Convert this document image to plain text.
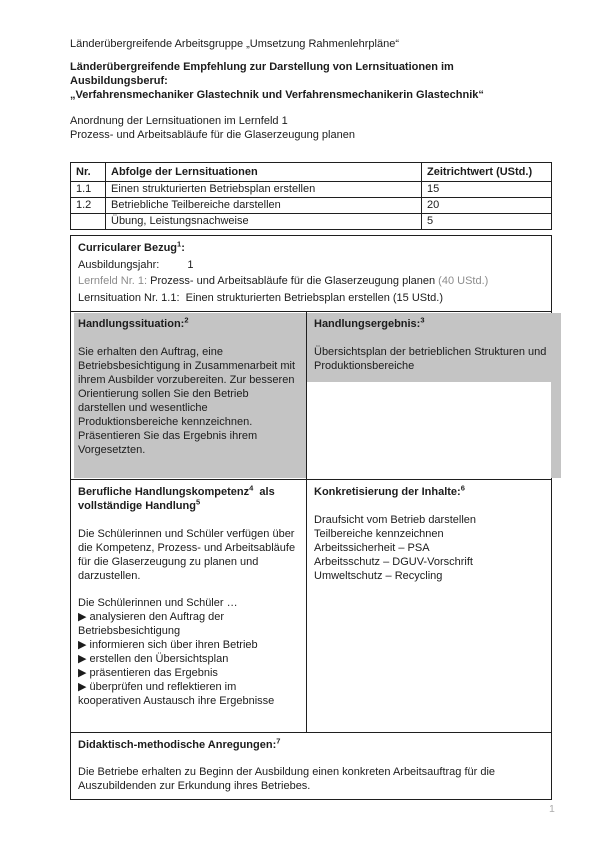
Länderübergreifende Arbeitsgruppe „Umsetzung Rahmenlehrpläne“
Länderübergreifende Empfehlung zur Darstellung von Lernsituationen im
Ausbildungsberuf:
„Verfahrensmechaniker Glastechnik und Verfahrensmechanikerin Glastechnik“
Anordnung der Lernsituationen im Lernfeld 1
Prozess- und Arbeitsabläufe für die Glaserzeugung planen
Nr.	Abfolge der Lernsituationen	Zeitrichtwert (UStd.)
1.1	Einen strukturierten Betriebsplan erstellen	15
1.2	Betriebliche Teilbereiche darstellen	20
	Übung, Leistungsnachweise	5
Curricularer Bezug$^1$:
Ausbildungsjahr: 1
Lernfeld Nr. 1: Prozess- und Arbeitsabläufe für die Glaserzeugung planen (40 UStd.)
Lernsituation Nr. 1.1:  Einen strukturierten Betriebsplan erstellen (15 UStd.)	

Handlungssituation:$^2$
Sie erhalten den Auftrag, eine Betriebsbesichtigung in Zusammenarbeit mit ihrem Ausbilder vorzubereiten. Zur besseren Orientierung sollen Sie den Betrieb darstellen und wesentliche Produktionsbereiche kennzeichnen. Präsentieren Sie das Ergebnis ihrem Vorgesetzten.

Handlungsergebnis:$^3$
Übersichtsplan der betrieblichen Strukturen und Produktionsbereiche

Berufliche Handlungskompetenz$^4$  als vollständige Handlung$^5$
Die Schülerinnen und Schüler verfügen über die Kompetenz, Prozess- und Arbeitsabläufe für die Glaserzeugung zu planen und darzustellen.
Die Schülerinnen und Schüler …
▶ analysieren den Auftrag der Betriebsbesichtigung
▶ informieren sich über ihren Betrieb
▶ erstellen den Übersichtsplan
▶ präsentieren das Ergebnis
▶ überprüfen und reflektieren im kooperativen Austausch ihre Ergebnisse

Konkretisierung der Inhalte:$^6$
Draufsicht vom Betrieb darstellen
Teilbereiche kennzeichnen
Arbeitssicherheit – PSA
Arbeitsschutz – DGUV-Vorschrift
Umweltschutz – Recycling

Didaktisch-methodische Anregungen:$^7$
Die Betriebe erhalten zu Beginn der Ausbildung einen konkreten Arbeitsauftrag für die Auszubildenden zur Erkundung ihres Betriebes.	
1
